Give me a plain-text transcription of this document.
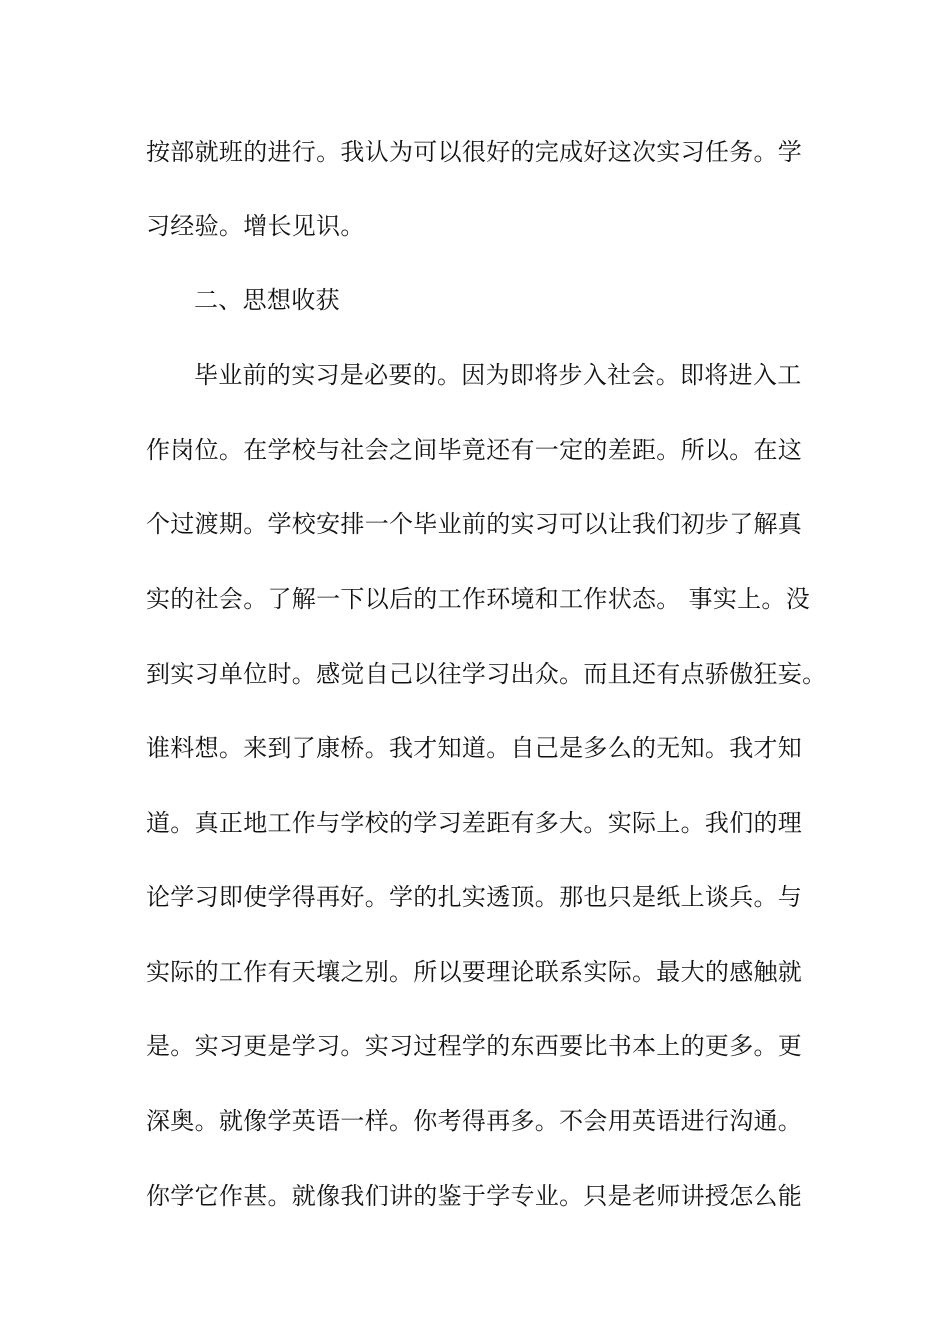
按部就班的进行。我认为可以很好的完成好这次实习任务。学
习经验。增长见识。
二、思想收获
毕业前的实习是必要的。因为即将步入社会。即将进入工
作岗位。在学校与社会之间毕竟还有一定的差距。所以。在这
个过渡期。学校安排一个毕业前的实习可以让我们初步了解真
实的社会。了解一下以后的工作环境和工作状态。 事实上。没
到实习单位时。感觉自己以往学习出众。而且还有点骄傲狂妄。
谁料想。来到了康桥。我才知道。自己是多么的无知。我才知
道。真正地工作与学校的学习差距有多大。实际上。我们的理
论学习即使学得再好。学的扎实透顶。那也只是纸上谈兵。与
实际的工作有天壤之别。所以要理论联系实际。最大的感触就
是。实习更是学习。实习过程学的东西要比书本上的更多。更
深奥。就像学英语一样。你考得再多。不会用英语进行沟通。
你学它作甚。就像我们讲的鉴于学专业。只是老师讲授怎么能
